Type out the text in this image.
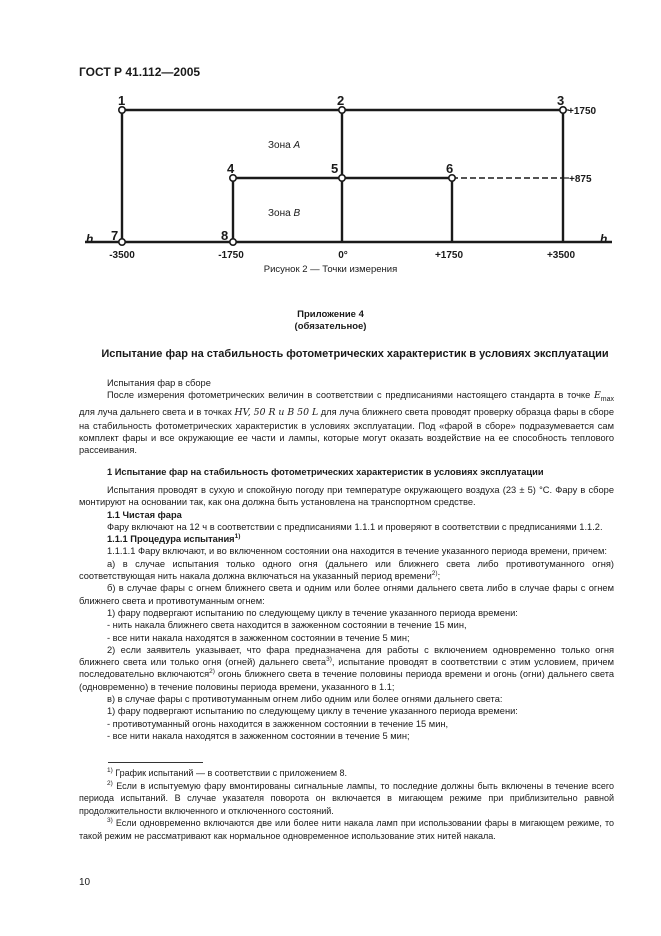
ГОСТ Р 41.112—2005
1	2	3
4	5	6
7	8
Зона А
Зона В
+1750
+875
-3500	-1750	0°	+1750	+3500
h	h
Рисунок 2 — Точки измерения
Приложение 4
(обязательное)
Испытание фар на стабильность фотометрических характеристик в условиях эксплуатации

Испытания фар в сборе

После измерения фотометрических величин в соответствии с предписаниями настоящего стандарта в точке $E_{max}$ для луча дальнего света и в точках HV, 50 R и B 50 L для луча ближнего света проводят проверку образца фары в сборе на стабильность фотометрических характеристик в условиях эксплуатации. Под «фарой в сборе» подразумевается сам комплект фары и все окружающие ее части и лампы, которые могут оказать воздействие на ее способность теплового рассеивания.

1 Испытание фар на стабильность фотометрических характеристик в условиях эксплуатации

Испытания проводят в сухую и спокойную погоду при температуре окружающего воздуха (23 ± 5) °С. Фару в сборе монтируют на основании так, как она должна быть установлена на транспортном средстве.

1.1 Чистая фара

Фару включают на 12 ч в соответствии с предписаниями 1.1.1 и проверяют в соответствии с предписаниями 1.1.2.

1.1.1 Процедура испытания$^{1)}$

1.1.1.1 Фару включают, и во включенном состоянии она находится в течение указанного периода времени, причем:

а) в случае испытания только одного огня (дальнего или ближнего света либо противотуманного огня) соответствующая нить накала должна включаться на указанный период времени$^{2)}$;

б) в случае фары с огнем ближнего света и одним или более огнями дальнего света либо в случае фары с огнем ближнего света и противотуманным огнем:

1) фару подвергают испытанию по следующему циклу в течение указанного периода времени:

- нить накала ближнего света находится в зажженном состоянии в течение 15 мин,

- все нити накала находятся в зажженном состоянии в течение 5 мин;

2) если заявитель указывает, что фара предназначена для работы с включением одновременно только огня ближнего света или только огня (огней) дальнего света$^{3)}$, испытание проводят в соответствии с этим условием, причем последовательно включаются$^{2)}$ огонь ближнего света в течение половины периода времени и огонь (огни) дальнего света (одновременно) в течение половины периода времени, указанного в 1.1;

в) в случае фары с противотуманным огнем либо одним или более огнями дальнего света:

1) фару подвергают испытанию по следующему циклу в течение указанного периода времени:

- противотуманный огонь находится в зажженном состоянии в течение 15 мин,

- все нити накала находятся в зажженном состоянии в течение 5 мин;

$^{1)}$ График испытаний — в соответствии с приложением 8.

$^{2)}$ Если в испытуемую фару вмонтированы сигнальные лампы, то последние должны быть включены в течение всего периода испытаний. В случае указателя поворота он включается в мигающем режиме при приблизительно равной продолжительности включенного и отключенного состояний.

$^{3)}$ Если одновременно включаются две или более нити накала ламп при использовании фары в мигающем режиме, то такой режим не рассматривают как нормальное одновременное использование этих нитей накала.

10
